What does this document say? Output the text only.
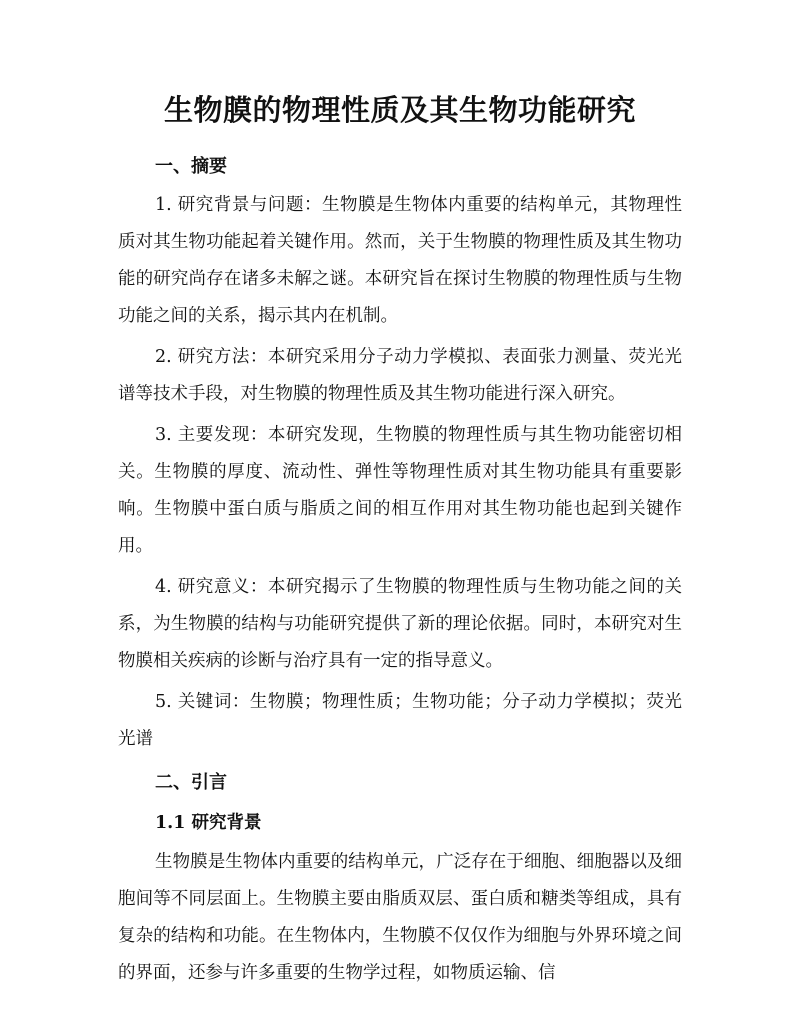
生物膜的物理性质及其生物功能研究
一、摘要

1. 研究背景与问题：生物膜是生物体内重要的结构单元，其物理性质对其生物功能起着关键作用。然而，关于生物膜的物理性质及其生物功能的研究尚存在诸多未解之谜。本研究旨在探讨生物膜的物理性质与生物功能之间的关系，揭示其内在机制。

2. 研究方法：本研究采用分子动力学模拟、表面张力测量、荧光光谱等技术手段，对生物膜的物理性质及其生物功能进行深入研究。

3. 主要发现：本研究发现，生物膜的物理性质与其生物功能密切相关。生物膜的厚度、流动性、弹性等物理性质对其生物功能具有重要影响。生物膜中蛋白质与脂质之间的相互作用对其生物功能也起到关键作用。

4. 研究意义：本研究揭示了生物膜的物理性质与生物功能之间的关系，为生物膜的结构与功能研究提供了新的理论依据。同时，本研究对生物膜相关疾病的诊断与治疗具有一定的指导意义。

5. 关键词：生物膜；物理性质；生物功能；分子动力学模拟；荧光光谱

二、引言
1.1 研究背景

生物膜是生物体内重要的结构单元，广泛存在于细胞、细胞器以及细胞间等不同层面上。生物膜主要由脂质双层、蛋白质和糖类等组成，具有复杂的结构和功能。在生物体内，生物膜不仅仅作为细胞与外界环境之间的界面，还参与许多重要的生物学过程，如物质运输、信
